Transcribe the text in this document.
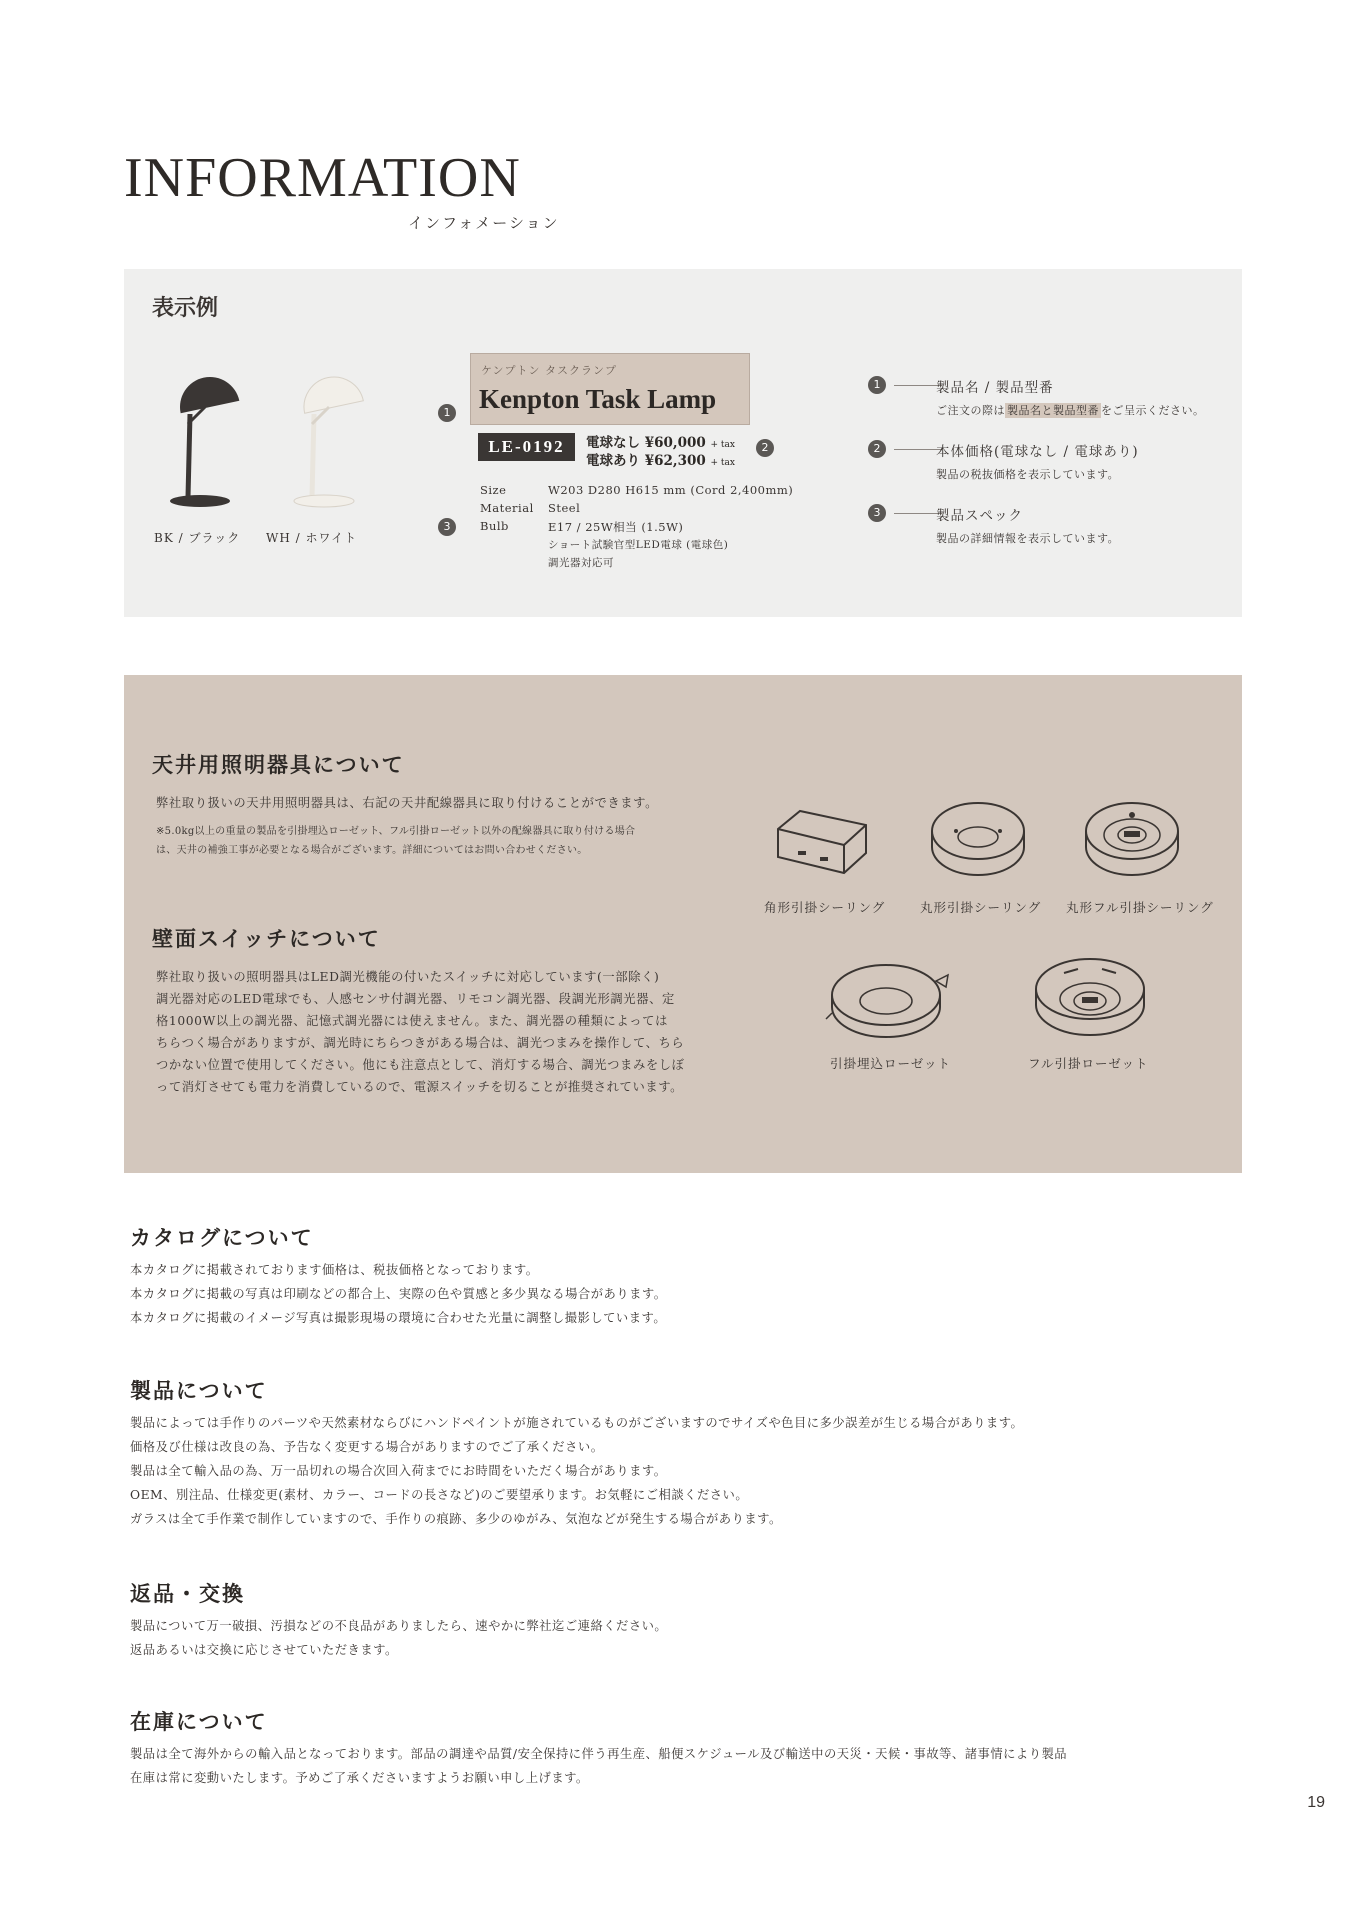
INFORMATION
インフォメーション
表示例
BK / ブラック WH / ホワイト
1
2
3
ケンプトン タスクランプ
Kenpton Task Lamp
LE-0192	電球なし ¥60,000 + tax
電球あり ¥62,300 + tax
Size	W203 D280 H615 mm (Cord 2,400mm)
Material Steel
Bulb	E17 / 25W相当 (1.5W)
ショート試験官型LED電球 (電球色)
調光器対応可
1	製品名 / 製品型番
ご注文の際は 製品名と製品型番 をご呈示ください。
2	本体価格(電球なし / 電球あり)
製品の税抜価格を表示しています。
3	製品スペック
製品の詳細情報を表示しています。
天井用照明器具について
弊社取り扱いの天井用照明器具は、右記の天井配線器具に取り付けることができます。
※5.0kg以上の重量の製品を引掛埋込ローゼット、フル引掛ローゼット以外の配線器具に取り付ける場合
は、天井の補強工事が必要となる場合がございます。詳細についてはお問い合わせください。
壁面スイッチについて
弊社取り扱いの照明器具はLED調光機能の付いたスイッチに対応しています(一部除く)
調光器対応のLED電球でも、人感センサ付調光器、リモコン調光器、段調光形調光器、定
格1000W以上の調光器、記憶式調光器には使えません。また、調光器の種類によっては
ちらつく場合がありますが、調光時にちらつきがある場合は、調光つまみを操作して、ちら
つかない位置で使用してください。他にも注意点として、消灯する場合、調光つまみをしぼ
って消灯させても電力を消費しているので、電源スイッチを切ることが推奨されています。
角形引掛シーリング	丸形引掛シーリング 丸形フル引掛シーリング
引掛埋込ローゼット	フル引掛ローゼット
カタログについて
本カタログに掲載されております価格は、税抜価格となっております。
本カタログに掲載の写真は印刷などの都合上、実際の色や質感と多少異なる場合があります。
本カタログに掲載のイメージ写真は撮影現場の環境に合わせた光量に調整し撮影しています。
製品について
製品によっては手作りのパーツや天然素材ならびにハンドペイントが施されているものがございますのでサイズや色目に多少誤差が生じる場合があります。
価格及び仕様は改良の為、予告なく変更する場合がありますのでご了承ください。
製品は全て輸入品の為、万一品切れの場合次回入荷までにお時間をいただく場合があります。
OEM、別注品、仕様変更(素材、カラー、コードの長さなど)のご要望承ります。お気軽にご相談ください。
ガラスは全て手作業で制作していますので、手作りの痕跡、多少のゆがみ、気泡などが発生する場合があります。
返品・交換
製品について万一破損、汚損などの不良品がありましたら、速やかに弊社迄ご連絡ください。
返品あるいは交換に応じさせていただきます。
在庫について
製品は全て海外からの輸入品となっております。部品の調達や品質/安全保持に伴う再生産、船便スケジュール及び輸送中の天災・天候・事故等、諸事情により製品
在庫は常に変動いたします。予めご了承くださいますようお願い申し上げます。
19
